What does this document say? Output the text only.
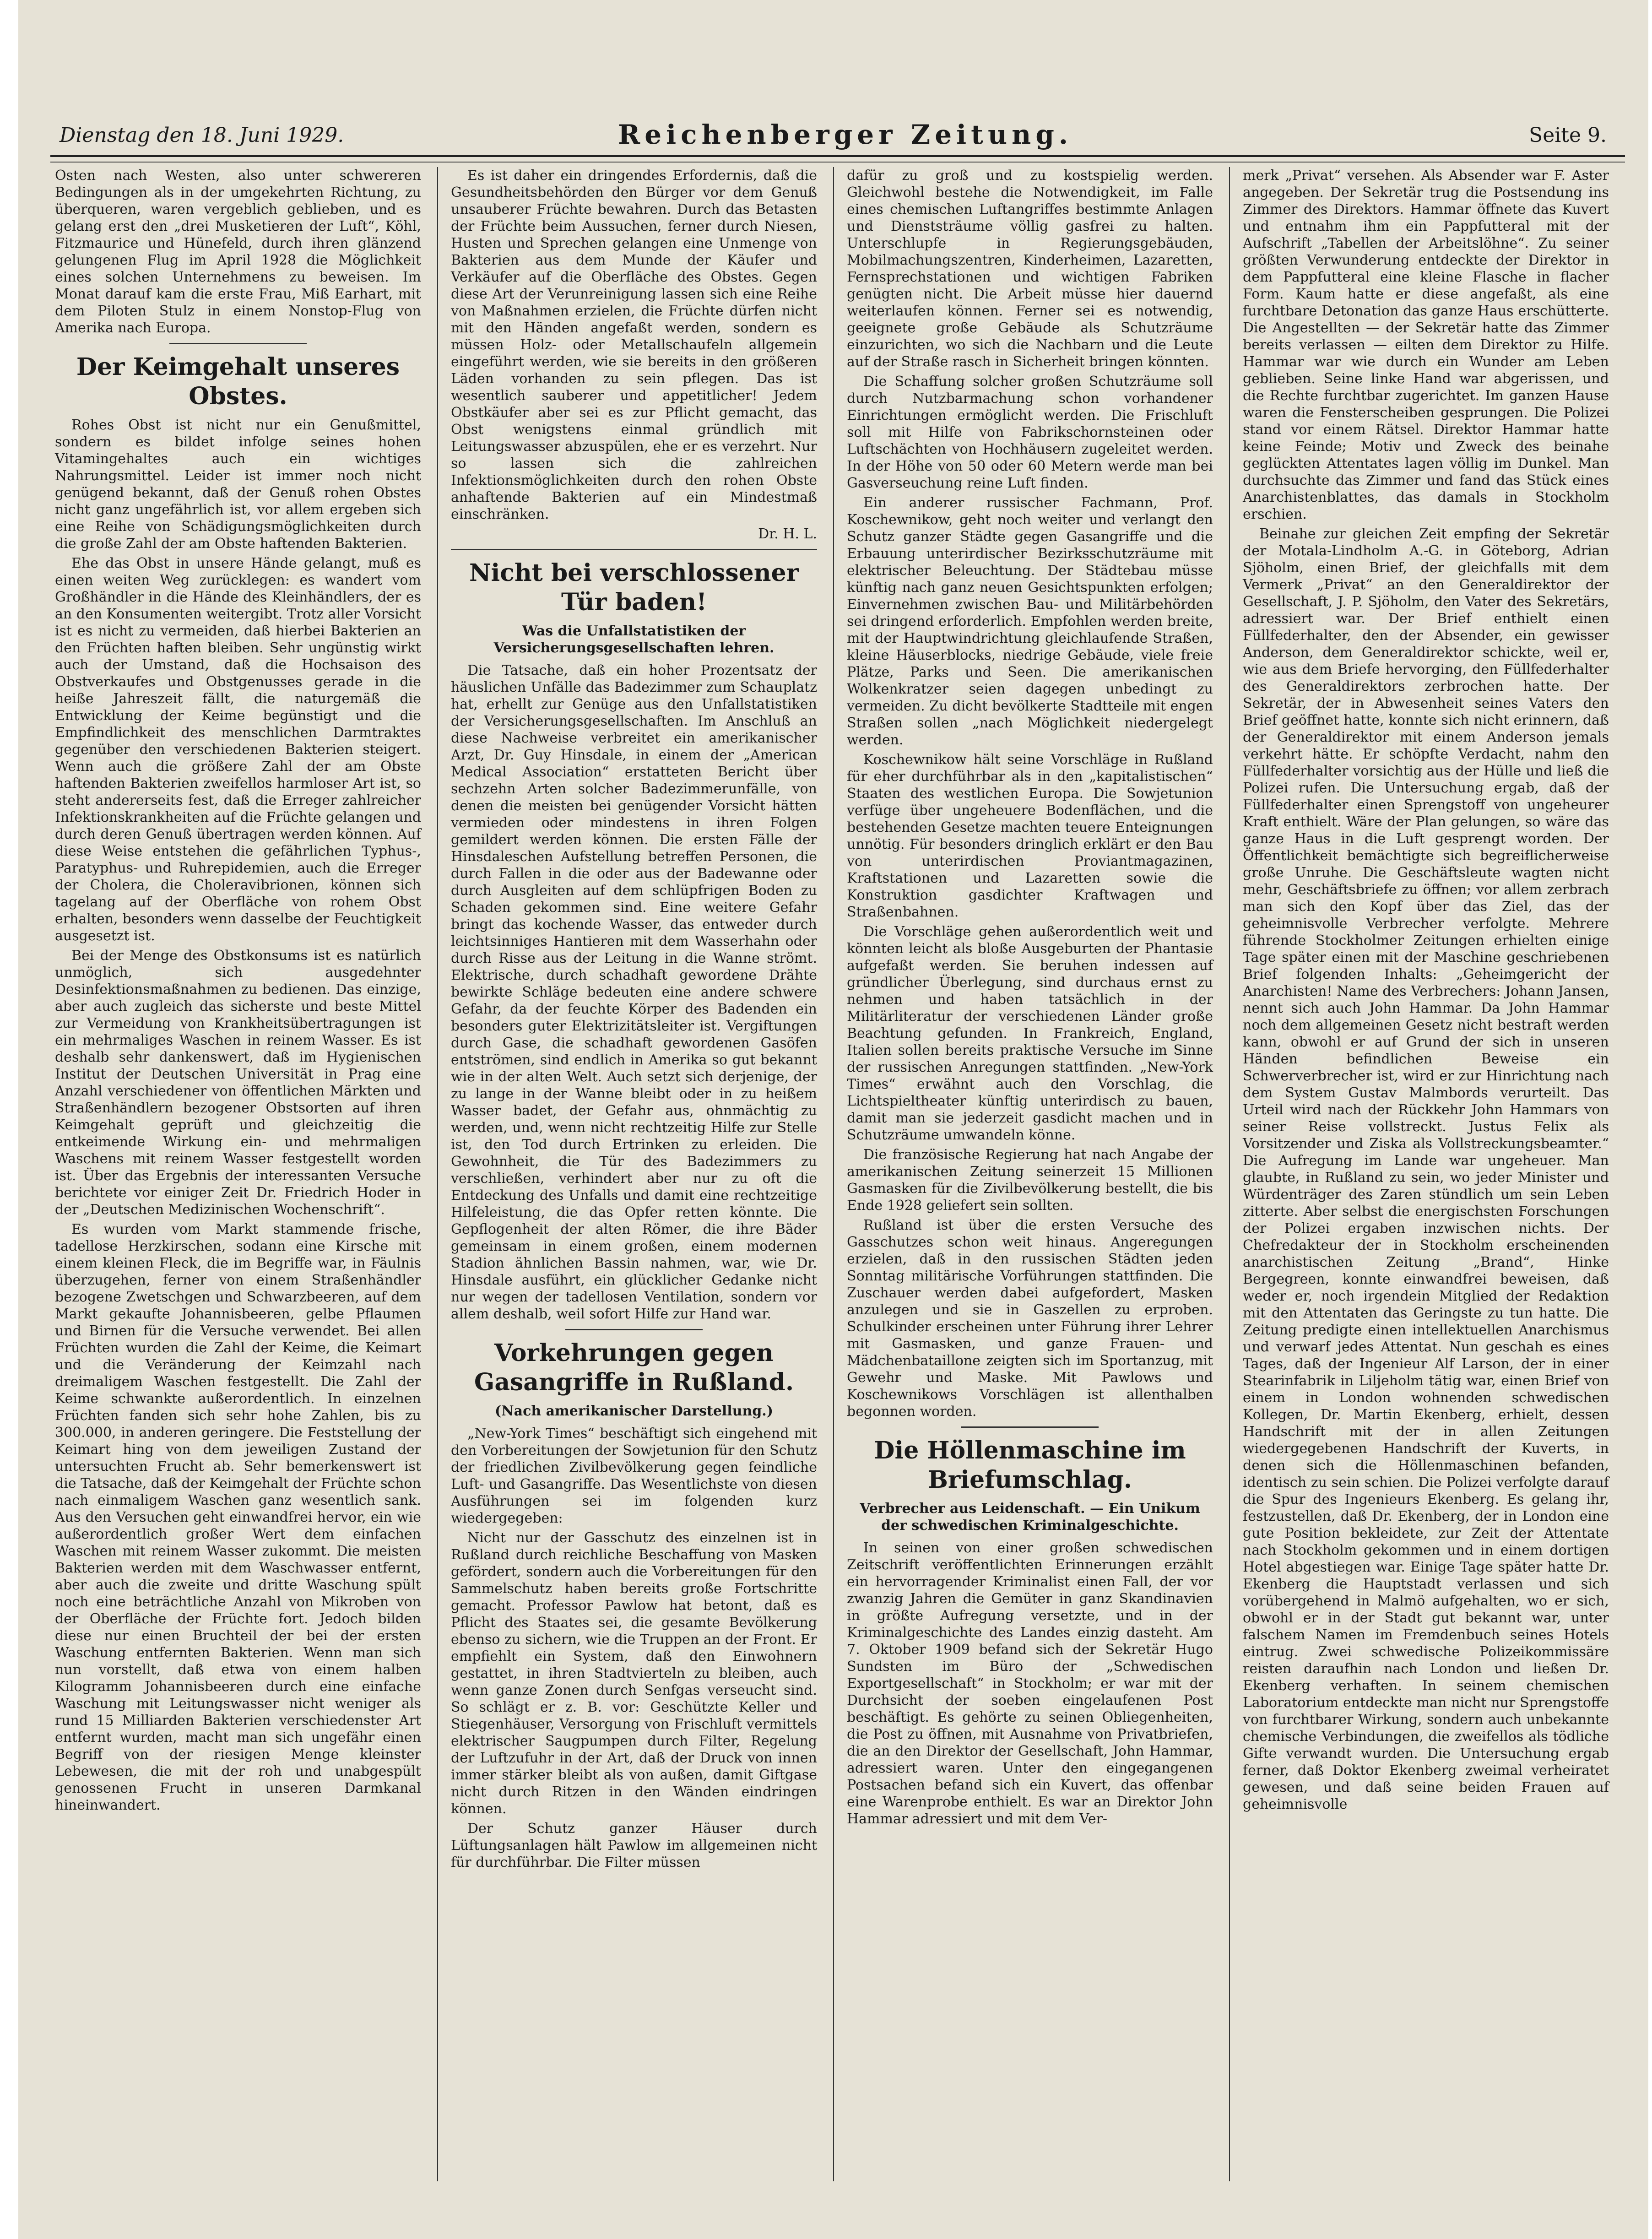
Dienstag den 18. Juni 1929.	Reichenberger Zeitung.	Seite 9.

Osten nach Westen, also unter schwereren Bedingungen als in der umgekehrten Richtung, zu überqueren, waren vergeblich geblieben, und es gelang erst den „drei Musketieren der Luft“, Köhl, Fitzmaurice und Hünefeld, durch ihren glänzend gelungenen Flug im April 1928 die Möglichkeit eines solchen Unternehmens zu beweisen. Im Monat darauf kam die erste Frau, Miß Earhart, mit dem Piloten Stulz in einem Nonstop-Flug von Amerika nach Europa.

Der Keimgehalt unseres Obstes.

Rohes Obst ist nicht nur ein Genußmittel, sondern es bildet infolge seines hohen Vitamingehaltes auch ein wichtiges Nahrungsmittel. Leider ist immer noch nicht genügend bekannt, daß der Genuß rohen Obstes nicht ganz ungefährlich ist, vor allem ergeben sich eine Reihe von Schädigungsmöglichkeiten durch die große Zahl der am Obste haftenden Bakterien.

Ehe das Obst in unsere Hände gelangt, muß es einen weiten Weg zurücklegen: es wandert vom Großhändler in die Hände des Kleinhändlers, der es an den Konsumenten weitergibt. Trotz aller Vorsicht ist es nicht zu vermeiden, daß hierbei Bakterien an den Früchten haften bleiben. Sehr ungünstig wirkt auch der Umstand, daß die Hochsaison des Obstverkaufes und Obstgenusses gerade in die heiße Jahreszeit fällt, die naturgemäß die Entwicklung der Keime begünstigt und die Empfindlichkeit des menschlichen Darmtraktes gegenüber den verschiedenen Bakterien steigert. Wenn auch die größere Zahl der am Obste haftenden Bakterien zweifellos harmloser Art ist, so steht andererseits fest, daß die Erreger zahlreicher Infektionskrankheiten auf die Früchte gelangen und durch deren Genuß übertragen werden können. Auf diese Weise entstehen die gefährlichen Typhus-, Paratyphus- und Ruhrepidemien, auch die Erreger der Cholera, die Choleravibrionen, können sich tagelang auf der Oberfläche von rohem Obst erhalten, besonders wenn dasselbe der Feuchtigkeit ausgesetzt ist.

Bei der Menge des Obstkonsums ist es natürlich unmöglich, sich ausgedehnter Desinfektionsmaßnahmen zu bedienen. Das einzige, aber auch zugleich das sicherste und beste Mittel zur Vermeidung von Krankheitsübertragungen ist ein mehrmaliges Waschen in reinem Wasser. Es ist deshalb sehr dankenswert, daß im Hygienischen Institut der Deutschen Universität in Prag eine Anzahl verschiedener von öffentlichen Märkten und Straßenhändlern bezogener Obstsorten auf ihren Keimgehalt geprüft und gleichzeitig die entkeimende Wirkung ein- und mehrmaligen Waschens mit reinem Wasser festgestellt worden ist. Über das Ergebnis der interessanten Versuche berichtete vor einiger Zeit Dr. Friedrich Hoder in der „Deutschen Medizinischen Wochenschrift“.

Es wurden vom Markt stammende frische, tadellose Herzkirschen, sodann eine Kirsche mit einem kleinen Fleck, die im Begriffe war, in Fäulnis überzugehen, ferner von einem Straßenhändler bezogene Zwetschgen und Schwarzbeeren, auf dem Markt gekaufte Johannisbeeren, gelbe Pflaumen und Birnen für die Versuche verwendet. Bei allen Früchten wurden die Zahl der Keime, die Keimart und die Veränderung der Keimzahl nach dreimaligem Waschen festgestellt. Die Zahl der Keime schwankte außerordentlich. In einzelnen Früchten fanden sich sehr hohe Zahlen, bis zu 300.000, in anderen geringere. Die Feststellung der Keimart hing von dem jeweiligen Zustand der untersuchten Frucht ab. Sehr bemerkenswert ist die Tatsache, daß der Keimgehalt der Früchte schon nach einmaligem Waschen ganz wesentlich sank. Aus den Versuchen geht einwandfrei hervor, ein wie außerordentlich großer Wert dem einfachen Waschen mit reinem Wasser zukommt. Die meisten Bakterien werden mit dem Waschwasser entfernt, aber auch die zweite und dritte Waschung spült noch eine beträchtliche Anzahl von Mikroben von der Oberfläche der Früchte fort. Jedoch bilden diese nur einen Bruchteil der bei der ersten Waschung entfernten Bakterien. Wenn man sich nun vorstellt, daß etwa von einem halben Kilogramm Johannisbeeren durch eine einfache Waschung mit Leitungswasser nicht weniger als rund 15 Milliarden Bakterien verschiedenster Art entfernt wurden, macht man sich ungefähr einen Begriff von der riesigen Menge kleinster Lebewesen, die mit der roh und unabgespült genossenen Frucht in unseren Darmkanal hineinwandert.

Es ist daher ein dringendes Erfordernis, daß die Gesundheitsbehörden den Bürger vor dem Genuß unsauberer Früchte bewahren. Durch das Betasten der Früchte beim Aussuchen, ferner durch Niesen, Husten und Sprechen gelangen eine Unmenge von Bakterien aus dem Munde der Käufer und Verkäufer auf die Oberfläche des Obstes. Gegen diese Art der Verunreinigung lassen sich eine Reihe von Maßnahmen erzielen, die Früchte dürfen nicht mit den Händen angefaßt werden, sondern es müssen Holz- oder Metallschaufeln allgemein eingeführt werden, wie sie bereits in den größeren Läden vorhanden zu sein pflegen. Das ist wesentlich sauberer und appetitlicher! Jedem Obstkäufer aber sei es zur Pflicht gemacht, das Obst wenigstens einmal gründlich mit Leitungswasser abzuspülen, ehe er es verzehrt. Nur so lassen sich die zahlreichen Infektionsmöglichkeiten durch den rohen Obste anhaftende Bakterien auf ein Mindestmaß einschränken.

Dr. H. L.

Nicht bei verschlossener Tür baden!
Was die Unfallstatistiken der Versicherungsgesellschaften lehren.

Die Tatsache, daß ein hoher Prozentsatz der häuslichen Unfälle das Badezimmer zum Schauplatz hat, erhellt zur Genüge aus den Unfallstatistiken der Versicherungsgesellschaften. Im Anschluß an diese Nachweise verbreitet ein amerikanischer Arzt, Dr. Guy Hinsdale, in einem der „American Medical Association“ erstatteten Bericht über sechzehn Arten solcher Badezimmerunfälle, von denen die meisten bei genügender Vorsicht hätten vermieden oder mindestens in ihren Folgen gemildert werden können. Die ersten Fälle der Hinsdaleschen Aufstellung betreffen Personen, die durch Fallen in die oder aus der Badewanne oder durch Ausgleiten auf dem schlüpfrigen Boden zu Schaden gekommen sind. Eine weitere Gefahr bringt das kochende Wasser, das entweder durch leichtsinniges Hantieren mit dem Wasserhahn oder durch Risse aus der Leitung in die Wanne strömt. Elektrische, durch schadhaft gewordene Drähte bewirkte Schläge bedeuten eine andere schwere Gefahr, da der feuchte Körper des Badenden ein besonders guter Elektrizitätsleiter ist. Vergiftungen durch Gase, die schadhaft gewordenen Gasöfen entströmen, sind endlich in Amerika so gut bekannt wie in der alten Welt. Auch setzt sich derjenige, der zu lange in der Wanne bleibt oder in zu heißem Wasser badet, der Gefahr aus, ohnmächtig zu werden, und, wenn nicht rechtzeitig Hilfe zur Stelle ist, den Tod durch Ertrinken zu erleiden. Die Gewohnheit, die Tür des Badezimmers zu verschließen, verhindert aber nur zu oft die Entdeckung des Unfalls und damit eine rechtzeitige Hilfeleistung, die das Opfer retten könnte. Die Gepflogenheit der alten Römer, die ihre Bäder gemeinsam in einem großen, einem modernen Stadion ähnlichen Bassin nahmen, war, wie Dr. Hinsdale ausführt, ein glücklicher Gedanke nicht nur wegen der tadellosen Ventilation, sondern vor allem deshalb, weil sofort Hilfe zur Hand war.

Vorkehrungen gegen Gasangriffe in Rußland.
(Nach amerikanischer Darstellung.)

„New-York Times“ beschäftigt sich eingehend mit den Vorbereitungen der Sowjetunion für den Schutz der friedlichen Zivilbevölkerung gegen feindliche Luft- und Gasangriffe. Das Wesentlichste von diesen Ausführungen sei im folgenden kurz wiedergegeben:

Nicht nur der Gasschutz des einzelnen ist in Rußland durch reichliche Beschaffung von Masken gefördert, sondern auch die Vorbereitungen für den Sammelschutz haben bereits große Fortschritte gemacht. Professor Pawlow hat betont, daß es Pflicht des Staates sei, die gesamte Bevölkerung ebenso zu sichern, wie die Truppen an der Front. Er empfiehlt ein System, daß den Einwohnern gestattet, in ihren Stadtvierteln zu bleiben, auch wenn ganze Zonen durch Senfgas verseucht sind. So schlägt er z. B. vor: Geschützte Keller und Stiegenhäuser, Versorgung von Frischluft vermittels elektrischer Saugpumpen durch Filter, Regelung der Luftzufuhr in der Art, daß der Druck von innen immer stärker bleibt als von außen, damit Giftgase nicht durch Ritzen in den Wänden eindringen können.

Der Schutz ganzer Häuser durch Lüftungsanlagen hält Pawlow im allgemeinen nicht für durchführbar. Die Filter müssen

dafür zu groß und zu kostspielig werden. Gleichwohl bestehe die Notwendigkeit, im Falle eines chemischen Luftangriffes bestimmte Anlagen und Dienststräume völlig gasfrei zu halten. Unterschlupfe in Regierungsgebäuden, Mobilmachungszentren, Kinderheimen, Lazaretten, Fernsprechstationen und wichtigen Fabriken genügten nicht. Die Arbeit müsse hier dauernd weiterlaufen können. Ferner sei es notwendig, geeignete große Gebäude als Schutzräume einzurichten, wo sich die Nachbarn und die Leute auf der Straße rasch in Sicherheit bringen könnten.

Die Schaffung solcher großen Schutzräume soll durch Nutzbarmachung schon vorhandener Einrichtungen ermöglicht werden. Die Frischluft soll mit Hilfe von Fabrikschornsteinen oder Luftschächten von Hochhäusern zugeleitet werden. In der Höhe von 50 oder 60 Metern werde man bei Gasverseuchung reine Luft finden.

Ein anderer russischer Fachmann, Prof. Koschewnikow, geht noch weiter und verlangt den Schutz ganzer Städte gegen Gasangriffe und die Erbauung unterirdischer Bezirksschutzräume mit elektrischer Beleuchtung. Der Städtebau müsse künftig nach ganz neuen Gesichtspunkten erfolgen; Einvernehmen zwischen Bau- und Militärbehörden sei dringend erforderlich. Empfohlen werden breite, mit der Hauptwindrichtung gleichlaufende Straßen, kleine Häuserblocks, niedrige Gebäude, viele freie Plätze, Parks und Seen. Die amerikanischen Wolkenkratzer seien dagegen unbedingt zu vermeiden. Zu dicht bevölkerte Stadtteile mit engen Straßen sollen „nach Möglichkeit niedergelegt werden.

Koschewnikow hält seine Vorschläge in Rußland für eher durchführbar als in den „kapitalistischen“ Staaten des westlichen Europa. Die Sowjetunion verfüge über ungeheuere Bodenflächen, und die bestehenden Gesetze machten teuere Enteignungen unnötig. Für besonders dringlich erklärt er den Bau von unterirdischen Proviantmagazinen, Kraftstationen und Lazaretten sowie die Konstruktion gasdichter Kraftwagen und Straßenbahnen.

Die Vorschläge gehen außerordentlich weit und könnten leicht als bloße Ausgeburten der Phantasie aufgefaßt werden. Sie beruhen indessen auf gründlicher Überlegung, sind durchaus ernst zu nehmen und haben tatsächlich in der Militärliteratur der verschiedenen Länder große Beachtung gefunden. In Frankreich, England, Italien sollen bereits praktische Versuche im Sinne der russischen Anregungen stattfinden. „New-York Times“ erwähnt auch den Vorschlag, die Lichtspieltheater künftig unterirdisch zu bauen, damit man sie jederzeit gasdicht machen und in Schutzräume umwandeln könne.

Die französische Regierung hat nach Angabe der amerikanischen Zeitung seinerzeit 15 Millionen Gasmasken für die Zivilbevölkerung bestellt, die bis Ende 1928 geliefert sein sollten.

Rußland ist über die ersten Versuche des Gasschutzes schon weit hinaus. Angeregungen erzielen, daß in den russischen Städten jeden Sonntag militärische Vorführungen stattfinden. Die Zuschauer werden dabei aufgefordert, Masken anzulegen und sie in Gaszellen zu erproben. Schulkinder erscheinen unter Führung ihrer Lehrer mit Gasmasken, und ganze Frauen- und Mädchenbataillone zeigten sich im Sportanzug, mit Gewehr und Maske. Mit Pawlows und Koschewnikows Vorschlägen ist allenthalben begonnen worden.

Die Höllenmaschine im Briefumschlag.
Verbrecher aus Leidenschaft. — Ein Unikum der schwedischen Kriminalgeschichte.

In seinen von einer großen schwedischen Zeitschrift veröffentlichten Erinnerungen erzählt ein hervorragender Kriminalist einen Fall, der vor zwanzig Jahren die Gemüter in ganz Skandinavien in größte Aufregung versetzte, und in der Kriminalgeschichte des Landes einzig dasteht. Am 7. Oktober 1909 befand sich der Sekretär Hugo Sundsten im Büro der „Schwedischen Exportgesellschaft“ in Stockholm; er war mit der Durchsicht der soeben eingelaufenen Post beschäftigt. Es gehörte zu seinen Obliegenheiten, die Post zu öffnen, mit Ausnahme von Privatbriefen, die an den Direktor der Gesellschaft, John Hammar, adressiert waren. Unter den eingegangenen Postsachen befand sich ein Kuvert, das offenbar eine Warenprobe enthielt. Es war an Direktor John Hammar adressiert und mit dem Ver-

merk „Privat“ versehen. Als Absender war F. Aster angegeben. Der Sekretär trug die Postsendung ins Zimmer des Direktors. Hammar öffnete das Kuvert und entnahm ihm ein Pappfutteral mit der Aufschrift „Tabellen der Arbeitslöhne“. Zu seiner größten Verwunderung entdeckte der Direktor in dem Pappfutteral eine kleine Flasche in flacher Form. Kaum hatte er diese angefaßt, als eine furchtbare Detonation das ganze Haus erschütterte. Die Angestellten — der Sekretär hatte das Zimmer bereits verlassen — eilten dem Direktor zu Hilfe. Hammar war wie durch ein Wunder am Leben geblieben. Seine linke Hand war abgerissen, und die Rechte furchtbar zugerichtet. Im ganzen Hause waren die Fensterscheiben gesprungen. Die Polizei stand vor einem Rätsel. Direktor Hammar hatte keine Feinde; Motiv und Zweck des beinahe geglückten Attentates lagen völlig im Dunkel. Man durchsuchte das Zimmer und fand das Stück eines Anarchistenblattes, das damals in Stockholm erschien.

Beinahe zur gleichen Zeit empfing der Sekretär der Motala-Lindholm A.-G. in Göteborg, Adrian Sjöholm, einen Brief, der gleichfalls mit dem Vermerk „Privat“ an den Generaldirektor der Gesellschaft, J. P. Sjöholm, den Vater des Sekretärs, adressiert war. Der Brief enthielt einen Füllfederhalter, den der Absender, ein gewisser Anderson, dem Generaldirektor schickte, weil er, wie aus dem Briefe hervorging, den Füllfederhalter des Generaldirektors zerbrochen hatte. Der Sekretär, der in Abwesenheit seines Vaters den Brief geöffnet hatte, konnte sich nicht erinnern, daß der Generaldirektor mit einem Anderson jemals verkehrt hätte. Er schöpfte Verdacht, nahm den Füllfederhalter vorsichtig aus der Hülle und ließ die Polizei rufen. Die Untersuchung ergab, daß der Füllfederhalter einen Sprengstoff von ungeheurer Kraft enthielt. Wäre der Plan gelungen, so wäre das ganze Haus in die Luft gesprengt worden. Der Öffentlichkeit bemächtigte sich begreiflicherweise große Unruhe. Die Geschäftsleute wagten nicht mehr, Geschäftsbriefe zu öffnen; vor allem zerbrach man sich den Kopf über das Ziel, das der geheimnisvolle Verbrecher verfolgte. Mehrere führende Stockholmer Zeitungen erhielten einige Tage später einen mit der Maschine geschriebenen Brief folgenden Inhalts: „Geheimgericht der Anarchisten! Name des Verbrechers: Johann Jansen, nennt sich auch John Hammar. Da John Hammar noch dem allgemeinen Gesetz nicht bestraft werden kann, obwohl er auf Grund der sich in unseren Händen befindlichen Beweise ein Schwerverbrecher ist, wird er zur Hinrichtung nach dem System Gustav Malmbords verurteilt. Das Urteil wird nach der Rückkehr John Hammars von seiner Reise vollstreckt. Justus Felix als Vorsitzender und Ziska als Vollstreckungsbeamter.“ Die Aufregung im Lande war ungeheuer. Man glaubte, in Rußland zu sein, wo jeder Minister und Würdenträger des Zaren stündlich um sein Leben zitterte. Aber selbst die energischsten Forschungen der Polizei ergaben inzwischen nichts. Der Chefredakteur der in Stockholm erscheinenden anarchistischen Zeitung „Brand“, Hinke Bergegreen, konnte einwandfrei beweisen, daß weder er, noch irgendein Mitglied der Redaktion mit den Attentaten das Geringste zu tun hatte. Die Zeitung predigte einen intellektuellen Anarchismus und verwarf jedes Attentat. Nun geschah es eines Tages, daß der Ingenieur Alf Larson, der in einer Stearinfabrik in Liljeholm tätig war, einen Brief von einem in London wohnenden schwedischen Kollegen, Dr. Martin Ekenberg, erhielt, dessen Handschrift mit der in allen Zeitungen wiedergegebenen Handschrift der Kuverts, in denen sich die Höllenmaschinen befanden, identisch zu sein schien. Die Polizei verfolgte darauf die Spur des Ingenieurs Ekenberg. Es gelang ihr, festzustellen, daß Dr. Ekenberg, der in London eine gute Position bekleidete, zur Zeit der Attentate nach Stockholm gekommen und in einem dortigen Hotel abgestiegen war. Einige Tage später hatte Dr. Ekenberg die Hauptstadt verlassen und sich vorübergehend in Malmö aufgehalten, wo er sich, obwohl er in der Stadt gut bekannt war, unter falschem Namen im Fremdenbuch seines Hotels eintrug. Zwei schwedische Polizeikommissäre reisten daraufhin nach London und ließen Dr. Ekenberg verhaften. In seinem chemischen Laboratorium entdeckte man nicht nur Sprengstoffe von furchtbarer Wirkung, sondern auch unbekannte chemische Verbindungen, die zweifellos als tödliche Gifte verwandt wurden. Die Untersuchung ergab ferner, daß Doktor Ekenberg zweimal verheiratet gewesen, und daß seine beiden Frauen auf geheimnisvolle
